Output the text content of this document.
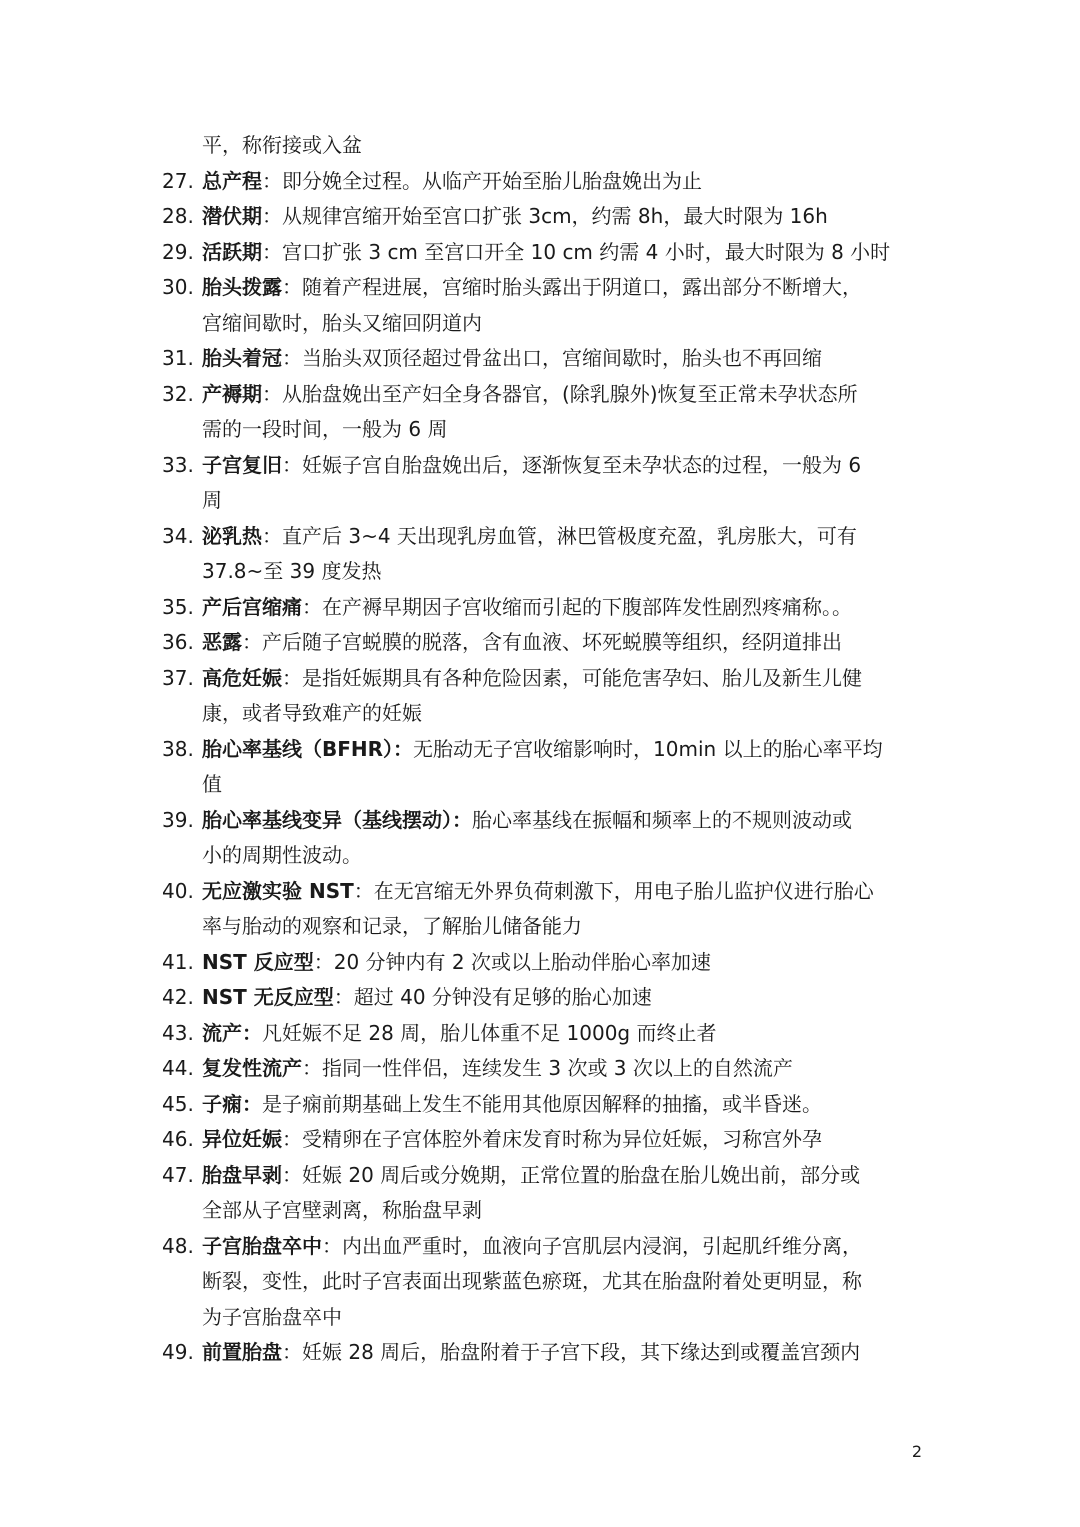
平，称衔接或入盆
27. 总产程：即分娩全过程。从临产开始至胎儿胎盘娩出为止
28. 潜伏期：从规律宫缩开始至宫口扩张 3cm，约需 8h，最大时限为 16h
29. 活跃期：宫口扩张 3 cm 至宫口开全 10 cm 约需 4 小时，最大时限为 8 小时
30. 胎头拨露：随着产程进展，宫缩时胎头露出于阴道口，露出部分不断增大，
宫缩间歇时，胎头又缩回阴道内
31. 胎头着冠：当胎头双顶径超过骨盆出口，宫缩间歇时，胎头也不再回缩
32. 产褥期：从胎盘娩出至产妇全身各器官，(除乳腺外)恢复至正常未孕状态所
需的一段时间，一般为 6 周
33. 子宫复旧：妊娠子宫自胎盘娩出后，逐渐恢复至未孕状态的过程，一般为 6
周
34. 泌乳热：直产后 3~4 天出现乳房血管，淋巴管极度充盈，乳房胀大，可有
37.8~至 39 度发热
35. 产后宫缩痛：在产褥早期因子宫收缩而引起的下腹部阵发性剧烈疼痛称。。
36. 恶露：产后随子宫蜕膜的脱落，含有血液、坏死蜕膜等组织，经阴道排出
37. 高危妊娠：是指妊娠期具有各种危险因素，可能危害孕妇、胎儿及新生儿健
康，或者导致难产的妊娠
38. 胎心率基线（BFHR）：无胎动无子宫收缩影响时，10min 以上的胎心率平均
值
39. 胎心率基线变异（基线摆动）：胎心率基线在振幅和频率上的不规则波动或
小的周期性波动。
40. 无应激实验 NST：在无宫缩无外界负荷刺激下，用电子胎儿监护仪进行胎心
率与胎动的观察和记录，了解胎儿储备能力
41. NST 反应型：20 分钟内有 2 次或以上胎动伴胎心率加速
42. NST 无反应型：超过 40 分钟没有足够的胎心加速
43. 流产：凡妊娠不足 28 周，胎儿体重不足 1000g 而终止者
44. 复发性流产：指同一性伴侣，连续发生 3 次或 3 次以上的自然流产
45. 子痫：是子痫前期基础上发生不能用其他原因解释的抽搐，或半昏迷。
46. 异位妊娠：受精卵在子宫体腔外着床发育时称为异位妊娠，习称宫外孕
47. 胎盘早剥：妊娠 20 周后或分娩期，正常位置的胎盘在胎儿娩出前，部分或
全部从子宫壁剥离，称胎盘早剥
48. 子宫胎盘卒中：内出血严重时，血液向子宫肌层内浸润，引起肌纤维分离，
断裂，变性，此时子宫表面出现紫蓝色瘀斑，尤其在胎盘附着处更明显，称
为子宫胎盘卒中
49. 前置胎盘：妊娠 28 周后，胎盘附着于子宫下段，其下缘达到或覆盖宫颈内
2
